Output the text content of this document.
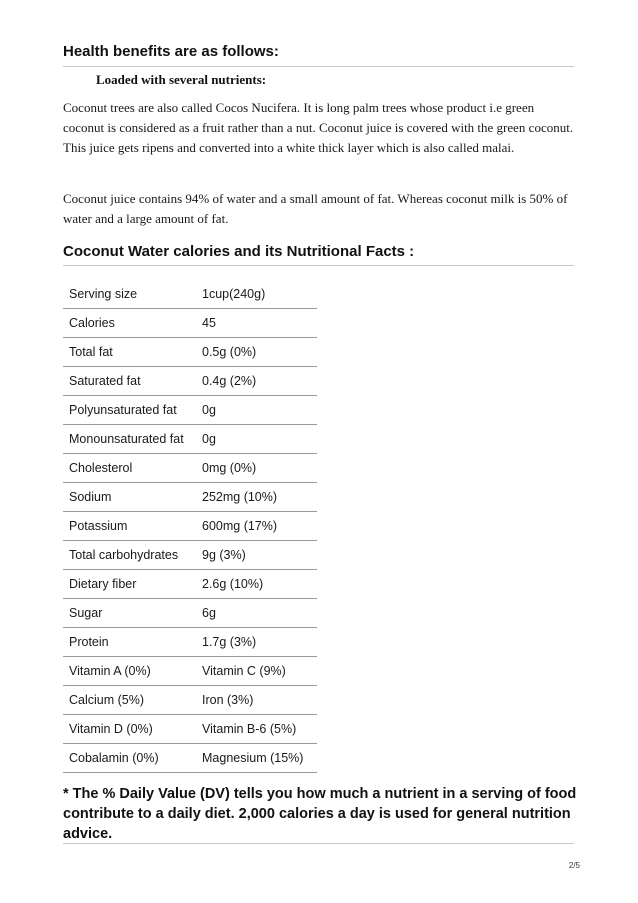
Health benefits are as follows:
Loaded with several nutrients:
Coconut trees are also called Cocos Nucifera. It is long palm trees whose product i.e green coconut is considered as a fruit rather than a nut. Coconut juice is covered with the green coconut. This juice gets ripens and converted into a white thick layer which is also called malai.
Coconut juice contains 94% of water and a small amount of fat. Whereas coconut milk is 50% of water and a large amount of fat.
Coconut Water calories and its Nutritional Facts :
Serving size	1cup(240g)
Calories	45
Total fat	0.5g (0%)
Saturated fat	0.4g (2%)
Polyunsaturated fat	0g
Monounsaturated fat	0g
Cholesterol	0mg (0%)
Sodium	252mg (10%)
Potassium	600mg (17%)
Total carbohydrates	9g (3%)
Dietary fiber	2.6g (10%)
Sugar	6g
Protein	1.7g (3%)
Vitamin A (0%)	Vitamin C (9%)
Calcium (5%)	Iron (3%)
Vitamin D (0%)	Vitamin B-6 (5%)
Cobalamin (0%)	Magnesium (15%)
* The % Daily Value (DV) tells you how much a nutrient in a serving of food contribute to a daily diet. 2,000 calories a day is used for general nutrition advice.
2/5
